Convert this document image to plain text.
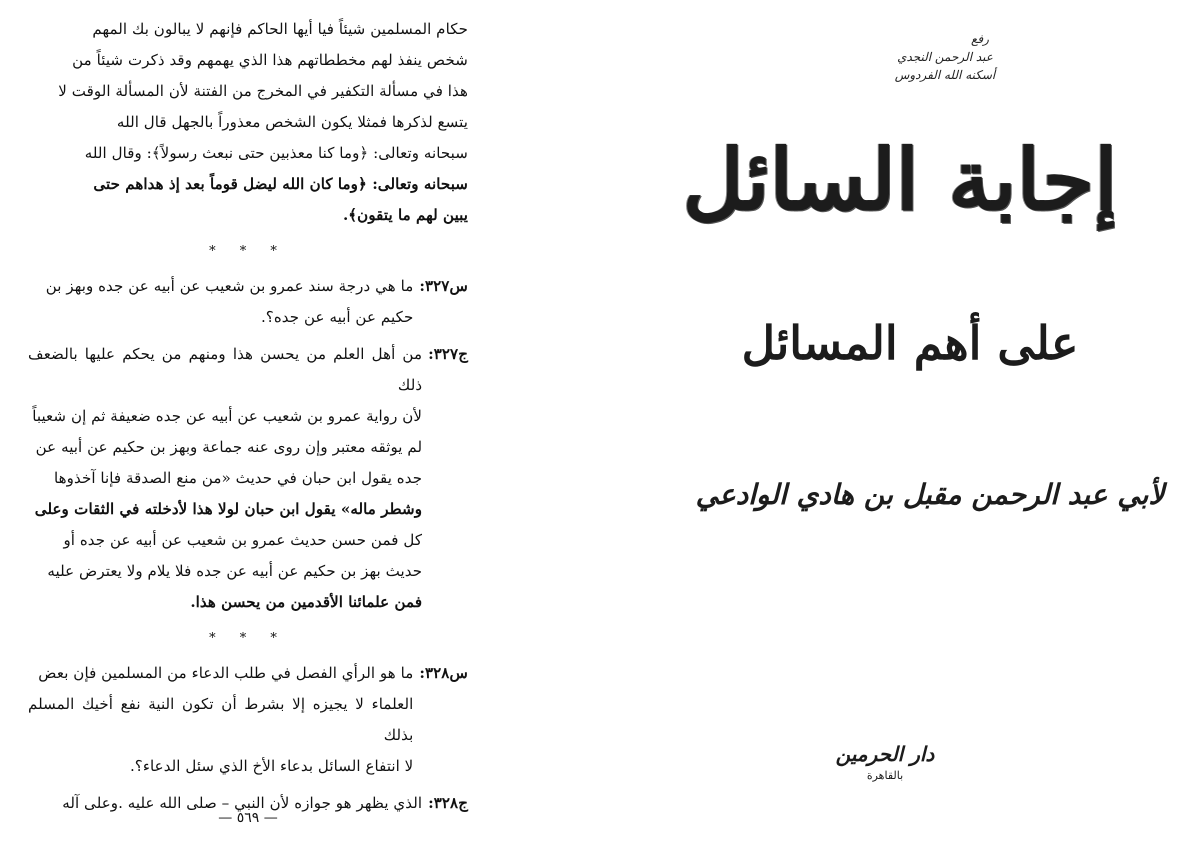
حكام المسلمين شيئاً فيا أيها الحاكم فإنهم لا يبالون بك المهم
شخص ينفذ لهم مخططاتهم هذا الذي يهمهم وقد ذكرت شيئاً من
هذا في مسألة التكفير في المخرج من الفتنة لأن المسألة الوقت لا
يتسع لذكرها فمثلا يكون الشخص معذوراً بالجهل قال الله
سبحانه وتعالى: ﴿وما كنا معذبين حتى نبعث رسولاً﴾: وقال الله
سبحانه وتعالى: ﴿وما كان الله ليضل قوماً بعد إذ هداهم حتى
يبين لهم ما يتقون﴾.
* * *
س٣٢٧:
ما هي درجة سند عمرو بن شعيب عن أبيه عن جده وبهز بن
حكيم عن أبيه عن جده؟.
ج٣٢٧:
من أهل العلم من يحسن هذا ومنهم من يحكم عليها بالضعف ذلك
لأن رواية عمرو بن شعيب عن أبيه عن جده ضعيفة ثم إن شعيباً
لم يوثقه معتبر وإن روى عنه جماعة وبهز بن حكيم عن أبيه عن
جده يقول ابن حبان في حديث «من منع الصدقة فإنا آخذوها
وشطر ماله» يقول ابن حبان لولا هذا لأدخلته في الثقات وعلى
كل فمن حسن حديث عمرو بن شعيب عن أبيه عن جده أو
حديث بهز بن حكيم عن أبيه عن جده فلا يلام ولا يعترض عليه
فمن علمائنا الأقدمين من يحسن هذا.
* * *
س٣٢٨:
ما هو الرأي الفصل في طلب الدعاء من المسلمين فإن بعض
العلماء لا يجيزه إلا بشرط أن تكون النية نفع أخيك المسلم بذلك
لا انتفاع السائل بدعاء الأخ الذي سئل الدعاء؟.
ج٣٢٨:
الذي يظهر هو جوازه لأن النبي – صلى الله عليه .وعلى آله
— ٥٦٩ —
رفع
عبد الرحمن النجدي
أسكنه الله الفردوس
إجابة السائل
على أهم المسائل
لأبي عبد الرحمن مقبل بن هادي الوادعي
دار الحرمين
بالقاهرة
